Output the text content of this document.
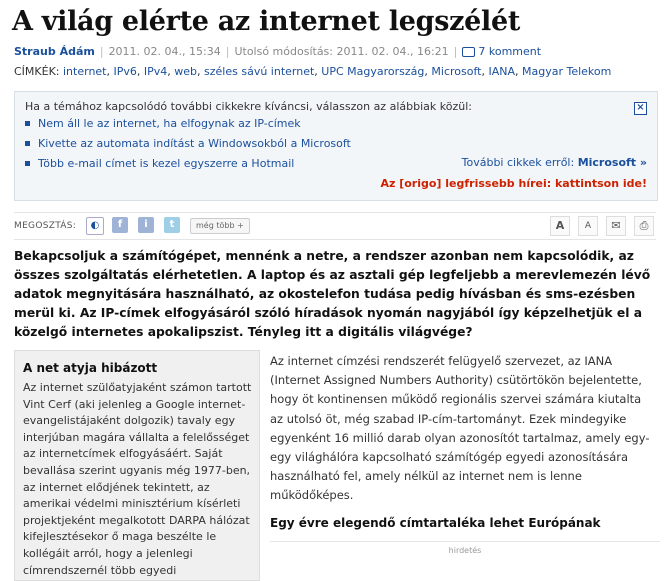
A világ elérte az internet legszélét
Straub Ádám | 2011. 02. 04., 15:34 | Utolsó módosítás: 2011. 02. 04., 16:21 | 7 komment
CÍMKÉK: internet, IPv6, IPv4, web, széles sávú internet, UPC Magyarország, Microsoft, IANA, Magyar Telekom
Ha a témához kapcsolódó további cikkekre kíváncsi, válasszon az alábbiak közül:	×
Nem áll le az internet, ha elfogynak az IP-címek
Kivette az automata indítást a Windowsokból a Microsoft
Több e-mail címet is kezel egyszerre a Hotmail	További cikkek erről: Microsoft »
Az [origo] legfrissebb hírei: kattintson ide!
MEGOSZTÁS:	◐	f	i	t	még több +	A	A	✉	⎙
Bekapcsoljuk a számítógépet, mennénk a netre, a rendszer azonban nem kapcsolódik, az összes szolgáltatás elérhetetlen. A laptop és az asztali gép legfeljebb a merevlemezén lévő adatok megnyitására használható, az okostelefon tudása pedig hívásban és sms-ezésben merül ki. Az IP-címek elfogyásáról szóló híradások nyomán nagyjából így képzelhetjük el a közelgő internetes apokalipszist. Tényleg itt a digitális világvége?
A net atyja hibázott
Az internet szülőatyjaként számon tartott Vint Cerf (aki jelenleg a Google internet-evangelistájaként dolgozik) tavaly egy interjúban magára vállalta a felelősséget az internetcímek elfogyásáért. Saját bevallása szerint ugyanis még 1977-ben, az internet elődjének tekintett, az amerikai védelmi minisztérium kísérleti projektjeként megalkotott DARPA hálózat kifejlesztésekor ő maga beszélte le kollégáit arról, hogy a jelenlegi címrendszernél több egyedi
Az internet címzési rendszerét felügyelő szervezet, az IANA (Internet Assigned Numbers Authority) csütörtökön bejelentette, hogy öt kontinensen működő regionális szervei számára kiutalta az utolsó öt, még szabad IP-cím-tartományt. Ezek mindegyike egyenként 16 millió darab olyan azonosítót tartalmaz, amely egy-egy világhálóra kapcsolható számítógép egyedi azonosítására használható fel, amely nélkül az internet nem is lenne működőképes.
Egy évre elegendő címtartaléka lehet Európának
hirdetés
